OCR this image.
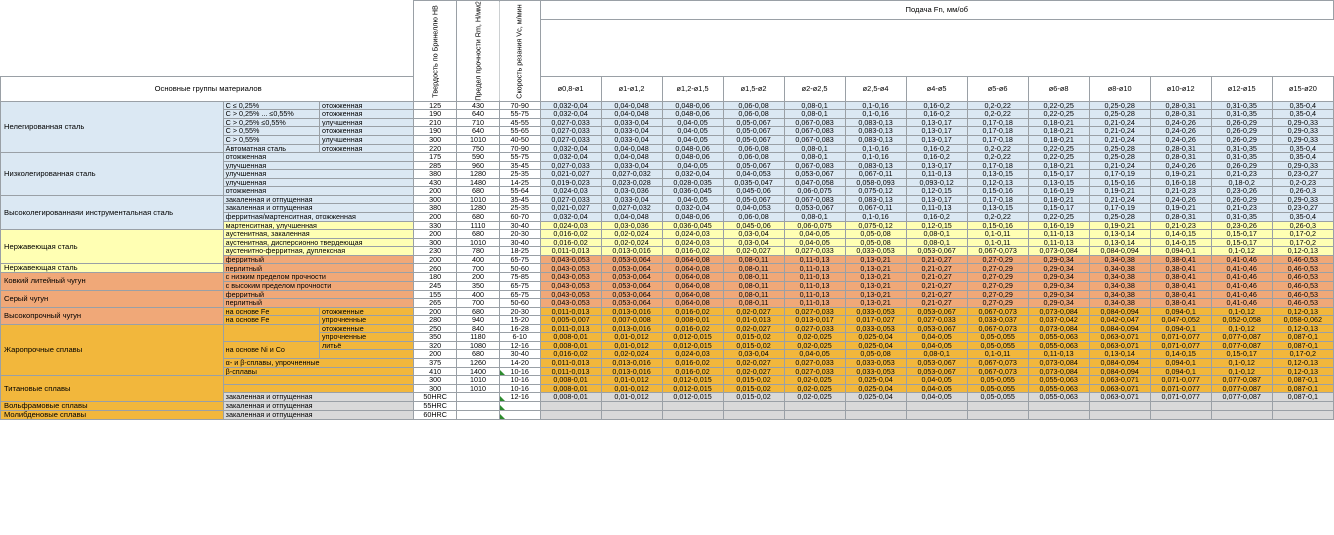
			Твердость по Бринеллю HB	Предел прочности Rm, Н/мм2	Скорость резания Vc, м/мин	Подача Fn, мм/об												

Основные группы материалов						ø0,8-ø1	ø1-ø1,2	ø1,2-ø1,5	ø1,5-ø2	ø2-ø2,5	ø2,5-ø4	ø4-ø5	ø5-ø6	ø6-ø8	ø8-ø10	ø10-ø12	ø12-ø15	ø15-ø20
Нелегированная сталь	C ≤ 0,25%	отожженная	125	430	70-90	0,032-0,04	0,04-0,048	0,048-0,06	0,06-0,08	0,08-0,1	0,1-0,16	0,16-0,2	0,2-0,22	0,22-0,25	0,25-0,28	0,28-0,31	0,31-0,35	0,35-0,4
	C > 0,25% ... ≤0,55%	отожженная	190	640	55-75	0,032-0,04	0,04-0,048	0,048-0,06	0,06-0,08	0,08-0,1	0,1-0,16	0,16-0,2	0,2-0,22	0,22-0,25	0,25-0,28	0,28-0,31	0,31-0,35	0,35-0,4
	C > 0,25% ≤0,55%	улучшенная	210	710	45-55	0,027-0,033	0,033-0,04	0,04-0,05	0,05-0,067	0,067-0,083	0,083-0,13	0,13-0,17	0,17-0,18	0,18-0,21	0,21-0,24	0,24-0,26	0,26-0,29	0,29-0,33
	C > 0,55%	отожженная	190	640	55-65	0,027-0,033	0,033-0,04	0,04-0,05	0,05-0,067	0,067-0,083	0,083-0,13	0,13-0,17	0,17-0,18	0,18-0,21	0,21-0,24	0,24-0,26	0,26-0,29	0,29-0,33
	C > 0,55%	улучшенная	300	1010	40-50	0,027-0,033	0,033-0,04	0,04-0,05	0,05-0,067	0,067-0,083	0,083-0,13	0,13-0,17	0,17-0,18	0,18-0,21	0,21-0,24	0,24-0,26	0,26-0,29	0,29-0,33
	Автоматная сталь	отожженная	220	750	70-90	0,032-0,04	0,04-0,048	0,048-0,06	0,06-0,08	0,08-0,1	0,1-0,16	0,16-0,2	0,2-0,22	0,22-0,25	0,25-0,28	0,28-0,31	0,31-0,35	0,35-0,4
Низколегированная сталь	отожженная		175	590	55-75	0,032-0,04	0,04-0,048	0,048-0,06	0,06-0,08	0,08-0,1	0,1-0,16	0,16-0,2	0,2-0,22	0,22-0,25	0,25-0,28	0,28-0,31	0,31-0,35	0,35-0,4
	улучшенная		285	960	35-45	0,027-0,033	0,033-0,04	0,04-0,05	0,05-0,067	0,067-0,083	0,083-0,13	0,13-0,17	0,17-0,18	0,18-0,21	0,21-0,24	0,24-0,26	0,26-0,29	0,29-0,33
	улучшенная		380	1280	25-35	0,021-0,027	0,027-0,032	0,032-0,04	0,04-0,053	0,053-0,067	0,067-0,11	0,11-0,13	0,13-0,15	0,15-0,17	0,17-0,19	0,19-0,21	0,21-0,23	0,23-0,27
	улучшенная		430	1480	14-25	0,019-0,023	0,023-0,028	0,028-0,035	0,035-0,047	0,047-0,058	0,058-0,093	0,093-0,12	0,12-0,13	0,13-0,15	0,15-0,16	0,16-0,18	0,18-0,2	0,2-0,23
	отожженная		200	680	55-64	0,024-0,03	0,03-0,036	0,036-0,045	0,045-0,06	0,06-0,075	0,075-0,12	0,12-0,15	0,15-0,16	0,16-0,19	0,19-0,21	0,21-0,23	0,23-0,26	0,26-0,3
Высоколегированнаяи инструментальная сталь	закаленная и отпущенная		300	1010	35-45	0,027-0,033	0,033-0,04	0,04-0,05	0,05-0,067	0,067-0,083	0,083-0,13	0,13-0,17	0,17-0,18	0,18-0,21	0,21-0,24	0,24-0,26	0,26-0,29	0,29-0,33
	закаленная и отпущенная		380	1280	25-35	0,021-0,027	0,027-0,032	0,032-0,04	0,04-0,053	0,053-0,067	0,067-0,11	0,11-0,13	0,13-0,15	0,15-0,17	0,17-0,19	0,19-0,21	0,21-0,23	0,23-0,27
	ферритная/мартенситная, отожженная		200	680	60-70	0,032-0,04	0,04-0,048	0,048-0,06	0,06-0,08	0,08-0,1	0,1-0,16	0,16-0,2	0,2-0,22	0,22-0,25	0,25-0,28	0,28-0,31	0,31-0,35	0,35-0,4
	мартенситная, улучшенная		330	1110	30-40	0,024-0,03	0,03-0,036	0,036-0,045	0,045-0,06	0,06-0,075	0,075-0,12	0,12-0,15	0,15-0,16	0,16-0,19	0,19-0,21	0,21-0,23	0,23-0,26	0,26-0,3
Нержавеющая сталь	аустенитная, закаленная		200	680	20-30	0,016-0,02	0,02-0,024	0,024-0,03	0,03-0,04	0,04-0,05	0,05-0,08	0,08-0,1	0,1-0,11	0,11-0,13	0,13-0,14	0,14-0,15	0,15-0,17	0,17-0,2
	аустенитная, дисперсионно твердеющая		300	1010	30-40	0,016-0,02	0,02-0,024	0,024-0,03	0,03-0,04	0,04-0,05	0,05-0,08	0,08-0,1	0,1-0,11	0,11-0,13	0,13-0,14	0,14-0,15	0,15-0,17	0,17-0,2
	аустенитно-ферритная, дуплексная		230	780	18-25	0,011-0,013	0,013-0,016	0,016-0,02	0,02-0,027	0,027-0,033	0,033-0,053	0,053-0,067	0,067-0,073	0,073-0,084	0,084-0,094	0,094-0,1	0,1-0,12	0,12-0,13
	ферритный		200	400	65-75	0,043-0,053	0,053-0,064	0,064-0,08	0,08-0,11	0,11-0,13	0,13-0,21	0,21-0,27	0,27-0,29	0,29-0,34	0,34-0,38	0,38-0,41	0,41-0,46	0,46-0,53
Нержавеющая сталь	перлитный		260	700	50-60	0,043-0,053	0,053-0,064	0,064-0,08	0,08-0,11	0,11-0,13	0,13-0,21	0,21-0,27	0,27-0,29	0,29-0,34	0,34-0,38	0,38-0,41	0,41-0,46	0,46-0,53
Ковкий литейный чугун	с низким пределом прочности		180	200	75-85	0,043-0,053	0,053-0,064	0,064-0,08	0,08-0,11	0,11-0,13	0,13-0,21	0,21-0,27	0,27-0,29	0,29-0,34	0,34-0,38	0,38-0,41	0,41-0,46	0,46-0,53
	с высоким пределом прочности		245	350	65-75	0,043-0,053	0,053-0,064	0,064-0,08	0,08-0,11	0,11-0,13	0,13-0,21	0,21-0,27	0,27-0,29	0,29-0,34	0,34-0,38	0,38-0,41	0,41-0,46	0,46-0,53
Серый чугун	ферритный		155	400	65-75	0,043-0,053	0,053-0,064	0,064-0,08	0,08-0,11	0,11-0,13	0,13-0,21	0,21-0,27	0,27-0,29	0,29-0,34	0,34-0,38	0,38-0,41	0,41-0,46	0,46-0,53
	перлитный		265	700	50-60	0,043-0,053	0,053-0,064	0,064-0,08	0,08-0,11	0,11-0,13	0,13-0,21	0,21-0,27	0,27-0,29	0,29-0,34	0,34-0,38	0,38-0,41	0,41-0,46	0,46-0,53
Высокопрочный чугун	на основе Fe	отожженные	200	680	20-30	0,011-0,013	0,013-0,016	0,016-0,02	0,02-0,027	0,027-0,033	0,033-0,053	0,053-0,067	0,067-0,073	0,073-0,084	0,084-0,094	0,094-0,1	0,1-0,12	0,12-0,13
	на основе Fe	упрочненные	280	940	15-20	0,005-0,007	0,007-0,008	0,008-0,01	0,01-0,013	0,013-0,017	0,017-0,027	0,027-0,033	0,033-0,037	0,037-0,042	0,042-0,047	0,047-0,052	0,052-0,058	0,058-0,062
Жаропрочные сплавы		отожженные	250	840	16-28	0,011-0,013	0,013-0,016	0,016-0,02	0,02-0,027	0,027-0,033	0,033-0,053	0,053-0,067	0,067-0,073	0,073-0,084	0,084-0,094	0,094-0,1	0,1-0,12	0,12-0,13
		упрочненные	350	1180	6-10	0,008-0,01	0,01-0,012	0,012-0,015	0,015-0,02	0,02-0,025	0,025-0,04	0,04-0,05	0,05-0,055	0,055-0,063	0,063-0,071	0,071-0,077	0,077-0,087	0,087-0,1
	на основе Ni и Co	литьё	320	1080	12-16	0,008-0,01	0,01-0,012	0,012-0,015	0,015-0,02	0,02-0,025	0,025-0,04	0,04-0,05	0,05-0,055	0,055-0,063	0,063-0,071	0,071-0,077	0,077-0,087	0,087-0,1
			200	680	30-40	0,016-0,02	0,02-0,024	0,024-0,03	0,03-0,04	0,04-0,05	0,05-0,08	0,08-0,1	0,1-0,11	0,11-0,13	0,13-0,14	0,14-0,15	0,15-0,17	0,17-0,2
	α- и β-сплавы, упрочненные		375	1260	14-20	0,011-0,013	0,013-0,016	0,016-0,02	0,02-0,027	0,027-0,033	0,033-0,053	0,053-0,067	0,067-0,073	0,073-0,084	0,084-0,094	0,094-0,1	0,1-0,12	0,12-0,13
	β-сплавы		410	1400	10-16	0,011-0,013	0,013-0,016	0,016-0,02	0,02-0,027	0,027-0,033	0,033-0,053	0,053-0,067	0,067-0,073	0,073-0,084	0,084-0,094	0,094-0,1	0,1-0,12	0,12-0,13
Титановые сплавы			300	1010	10-16	0,008-0,01	0,01-0,012	0,012-0,015	0,015-0,02	0,02-0,025	0,025-0,04	0,04-0,05	0,05-0,055	0,055-0,063	0,063-0,071	0,071-0,077	0,077-0,087	0,087-0,1
			300	1010	10-16	0,008-0,01	0,01-0,012	0,012-0,015	0,015-0,02	0,02-0,025	0,025-0,04	0,04-0,05	0,05-0,055	0,055-0,063	0,063-0,071	0,071-0,077	0,077-0,087	0,087-0,1
	закаленная и отпущенная		50HRC		12-16	0,008-0,01	0,01-0,012	0,012-0,015	0,015-0,02	0,02-0,025	0,025-0,04	0,04-0,05	0,05-0,055	0,055-0,063	0,063-0,071	0,071-0,077	0,077-0,087	0,087-0,1
Вольфрамовые сплавы	закаленная и отпущенная		55HRC															
Молибденовые сплавы	закаленная и отпущенная		60HRC															
